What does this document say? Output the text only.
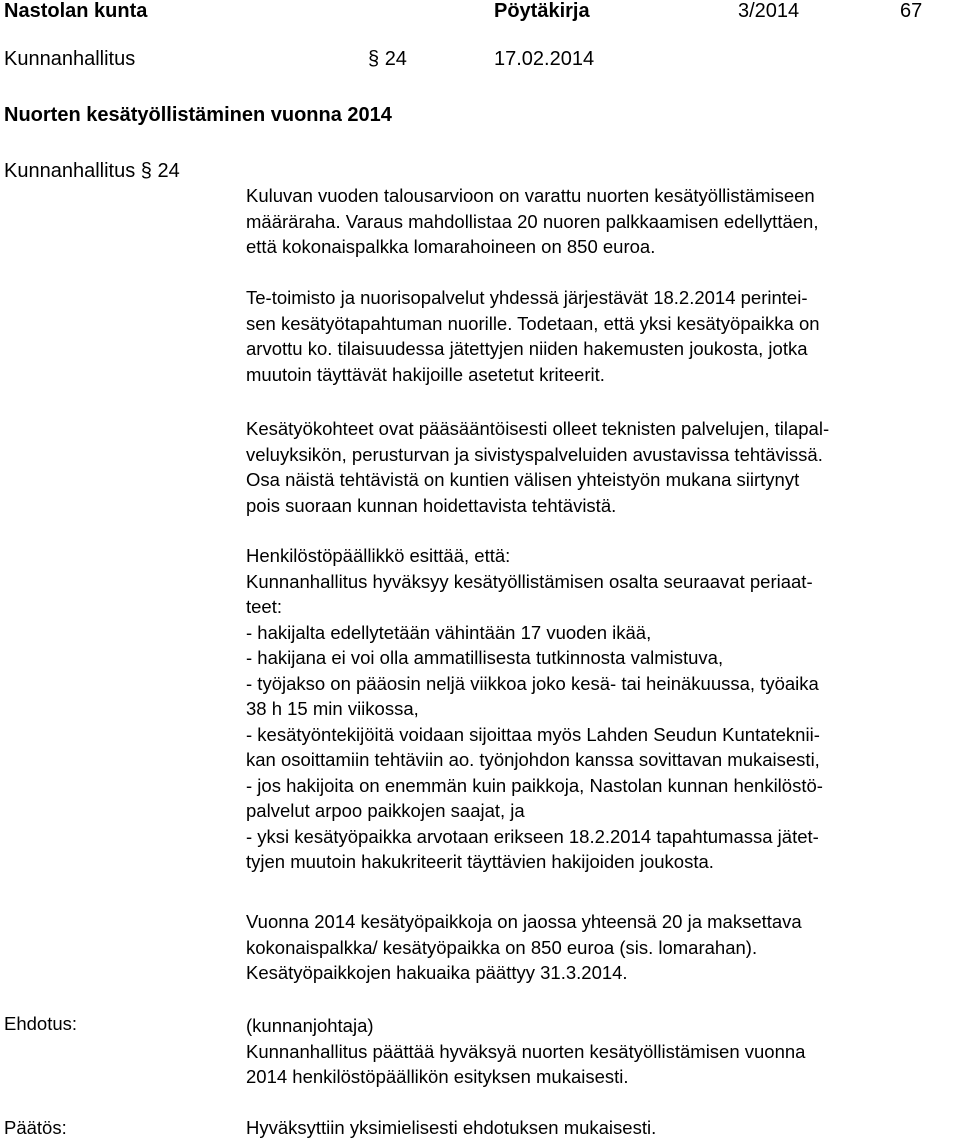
Nastolan kunta	Pöytäkirja	3/2014	67
Kunnanhallitus	§ 24	17.02.2014
Nuorten kesätyöllistäminen vuonna 2014
Kunnanhallitus § 24
Kuluvan vuoden talousarvioon on varattu nuorten kesätyöllistämiseen
määräraha. Varaus mahdollistaa 20 nuoren palkkaamisen edellyttäen,
että kokonaispalkka lomarahoineen on 850 euroa.
Te-toimisto ja nuorisopalvelut yhdessä järjestävät 18.2.2014 perintei-
sen kesätyötapahtuman nuorille. Todetaan, että yksi kesätyöpaikka on
arvottu ko. tilaisuudessa jätettyjen niiden hakemusten joukosta, jotka
muutoin täyttävät hakijoille asetetut kriteerit.
Kesätyökohteet ovat pääsääntöisesti olleet teknisten palvelujen, tilapal-
veluyksikön, perusturvan ja sivistyspalveluiden avustavissa tehtävissä.
Osa näistä tehtävistä on kuntien välisen yhteistyön mukana siirtynyt
pois suoraan kunnan hoidettavista tehtävistä.
Henkilöstöpäällikkö esittää, että:
Kunnanhallitus hyväksyy kesätyöllistämisen osalta seuraavat periaat-
teet:
- hakijalta edellytetään vähintään 17 vuoden ikää,
- hakijana ei voi olla ammatillisesta tutkinnosta valmistuva,
- työjakso on pääosin neljä viikkoa joko kesä- tai heinäkuussa, työaika
38 h 15 min viikossa,
- kesätyöntekijöitä voidaan sijoittaa myös Lahden Seudun Kuntateknii-
kan osoittamiin tehtäviin ao. työnjohdon kanssa sovittavan mukaisesti,
- jos hakijoita on enemmän kuin paikkoja, Nastolan kunnan henkilöstö-
palvelut arpoo paikkojen saajat, ja
- yksi kesätyöpaikka arvotaan erikseen 18.2.2014 tapahtumassa jätet-
tyjen muutoin hakukriteerit täyttävien hakijoiden joukosta.
Vuonna 2014 kesätyöpaikkoja on jaossa yhteensä 20 ja maksettava
kokonaispalkka/ kesätyöpaikka on 850 euroa (sis. lomarahan).
Kesätyöpaikkojen hakuaika päättyy 31.3.2014.
Ehdotus:	(kunnanjohtaja)
Kunnanhallitus päättää hyväksyä nuorten kesätyöllistämisen vuonna
2014 henkilöstöpäällikön esityksen mukaisesti.
Päätös:	Hyväksyttiin yksimielisesti ehdotuksen mukaisesti.
